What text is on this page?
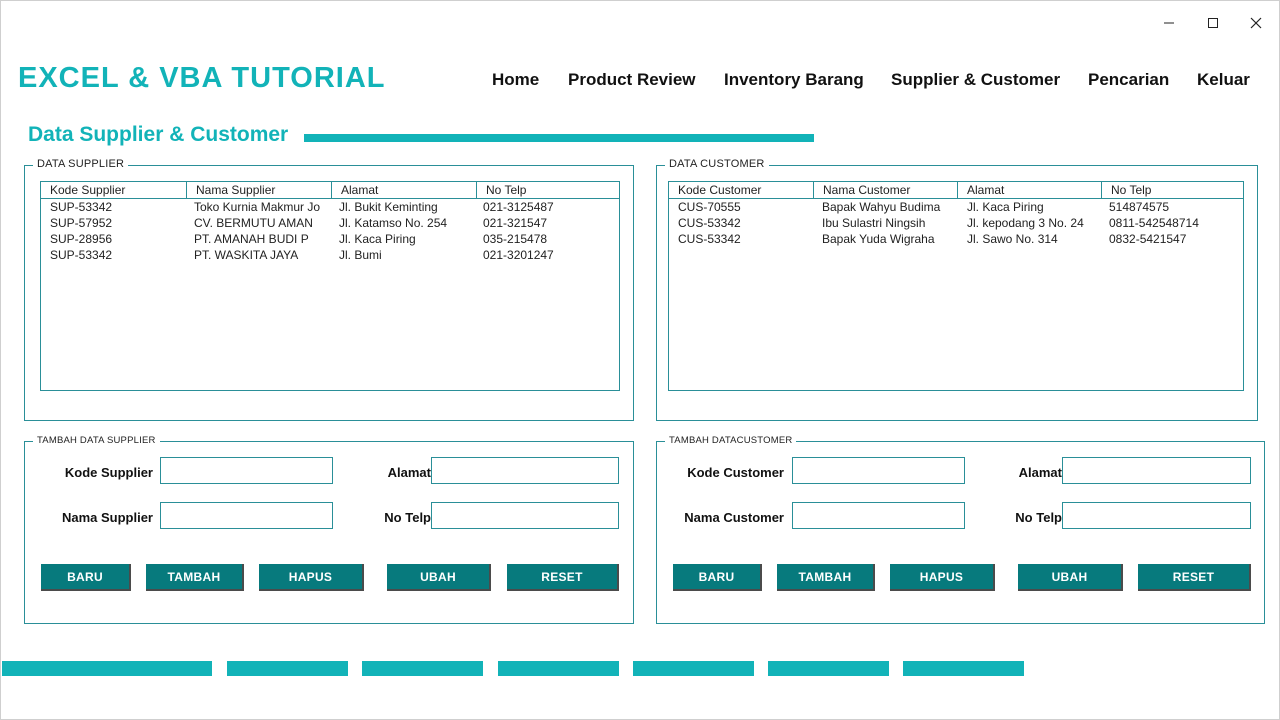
EXCEL & VBA TUTORIAL	Home Product Review Inventory Barang Supplier & Customer Pencarian Keluar
Data Supplier & Customer
DATA SUPPLIER
Kode Supplier	Nama Supplier	Alamat	No Telp
SUP-53342	Toko Kurnia Makmur Jo	Jl. Bukit Keminting	021-3125487
SUP-57952	CV. BERMUTU AMAN	Jl. Katamso No. 254	021-321547
SUP-28956	PT. AMANAH BUDI P	Jl. Kaca Piring	035-215478
SUP-53342	PT. WASKITA JAYA	Jl. Bumi	021-3201247
DATA CUSTOMER
Kode Customer	Nama Customer	Alamat	No Telp
CUS-70555	Bapak Wahyu Budima	Jl. Kaca Piring	514874575
CUS-53342	Ibu Sulastri Ningsih	Jl. kepodang 3 No. 24	0811-542548714
CUS-53342	Bapak Yuda Wigraha	Jl. Sawo No. 314	0832-5421547
TAMBAH DATA SUPPLIER
Kode Supplier
Nama Supplier
Alamat
No Telp
BARU	TAMBAH	HAPUS	UBAH	RESET
TAMBAH DATACUSTOMER
Kode Customer
Nama Customer
Alamat
No Telp
BARU	TAMBAH	HAPUS	UBAH	RESET
